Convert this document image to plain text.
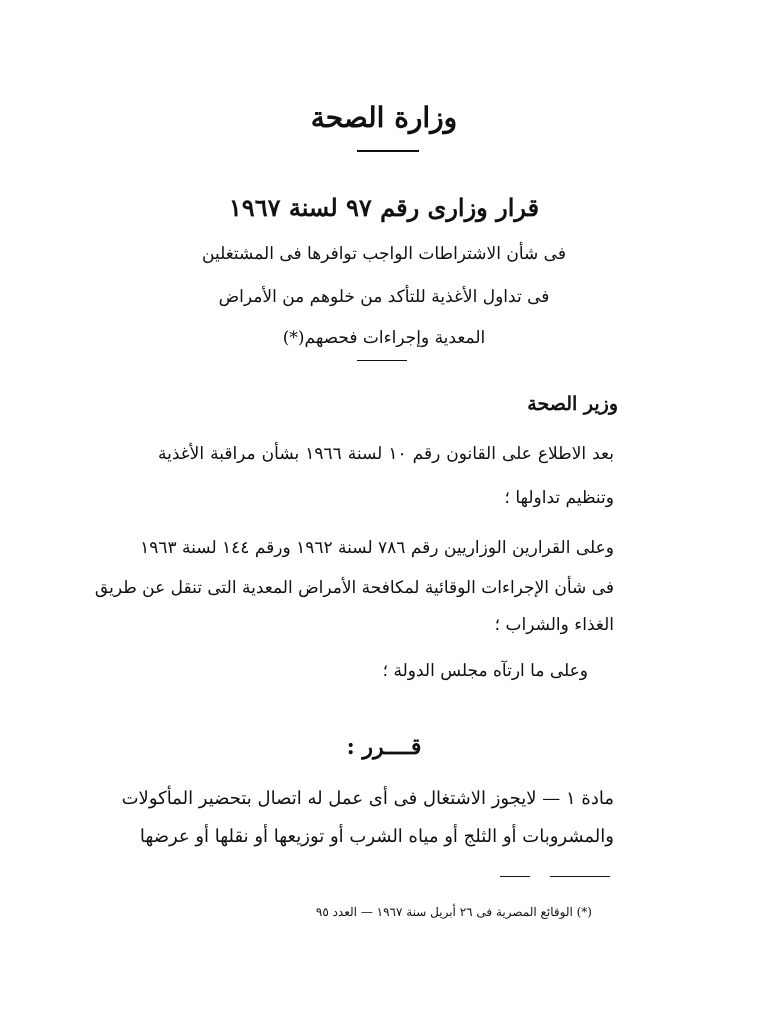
وزارة الصحة
قرار وزارى رقم ٩٧ لسنة ١٩٦٧
فى شأن الاشتراطات الواجب توافرها فى المشتغلين
فى تداول الأغذية للتأكد من خلوهم من الأمراض
المعدية وإجراءات فحصهم(*)
وزير الصحة
بعد الاطلاع على القانون رقم ١٠ لسنة ١٩٦٦ بشأن مراقبة الأغذية
وتنظيم تداولها ؛
وعلى القرارين الوزاريين رقم ٧٨٦ لسنة ١٩٦٢ ورقم ١٤٤ لسنة ١٩٦٣
فى شأن الإجراءات الوقائية لمكافحة الأمراض المعدية التى تنقل عن طريق
الغذاء والشراب ؛
وعلى ما ارتآه مجلس الدولة ؛
قــــرر :
مادة ١ — لايجوز الاشتغال فى أى عمل له اتصال بتحضير المأكولات
والمشروبات أو الثلج أو مياه الشرب أو توزيعها أو نقلها أو عرضها
(*) الوقائع المصرية فى ٢٦ أبريل سنة ١٩٦٧ — العدد ٩٥
